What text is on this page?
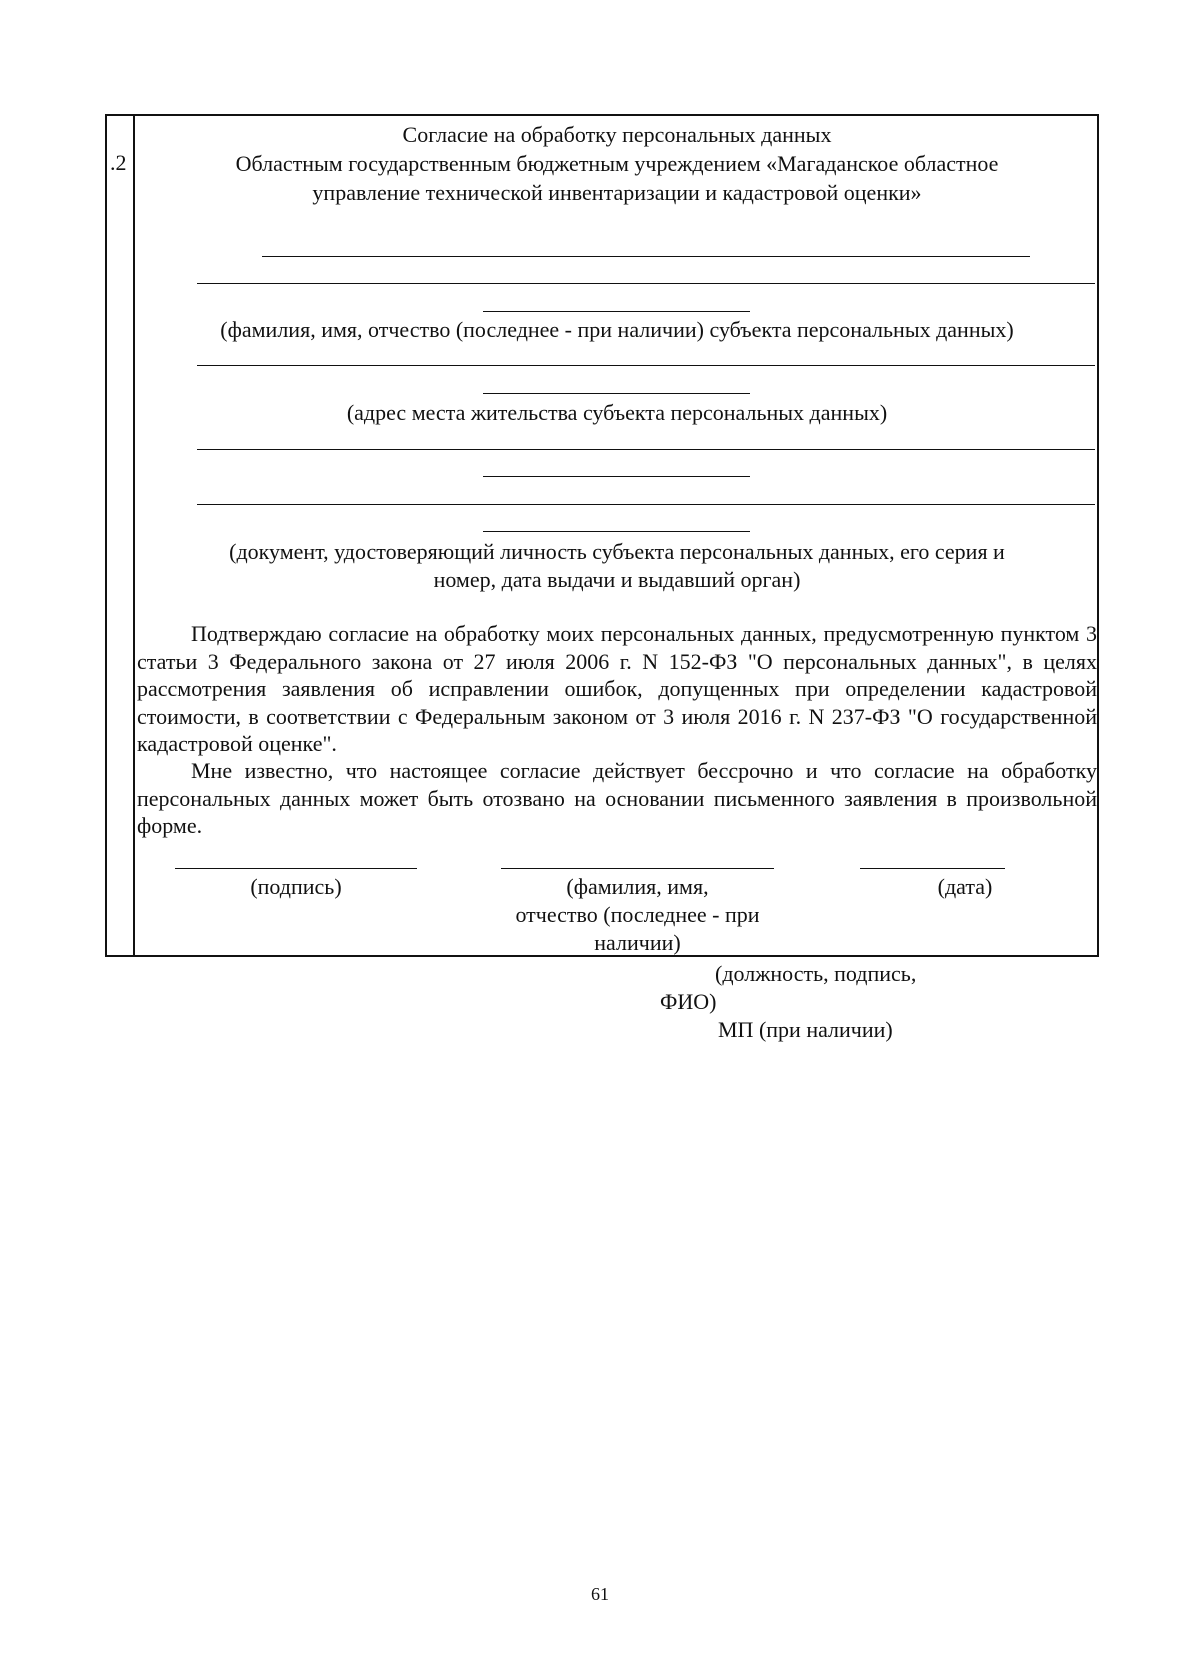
.2
Согласие на обработку персональных данных
Областным государственным бюджетным учреждением «Магаданское областное
управление технической инвентаризации и кадастровой оценки»
(фамилия, имя, отчество (последнее - при наличии) субъекта персональных данных)
(адрес места жительства субъекта персональных данных)
(документ, удостоверяющий личность субъекта персональных данных, его серия и
номер, дата выдачи и выдавший орган)

Подтверждаю согласие на обработку моих персональных данных, предусмотренную пунктом 3 статьи 3 Федерального закона от 27 июля 2006 г. N 152-ФЗ "О персональных данных", в целях рассмотрения заявления об исправлении ошибок, допущенных при определении кадастровой стоимости, в соответствии с Федеральным законом от 3 июля 2016 г. N 237-ФЗ "О государственной кадастровой оценке".

Мне известно, что настоящее согласие действует бессрочно и что согласие на обработку персональных данных может быть отозвано на основании письменного заявления в произвольной форме.

(подпись)	(фамилия, имя,
отчество (последнее - при
наличии)
(дата)
(должность, подпись,
ФИО)
МП (при наличии)
61
